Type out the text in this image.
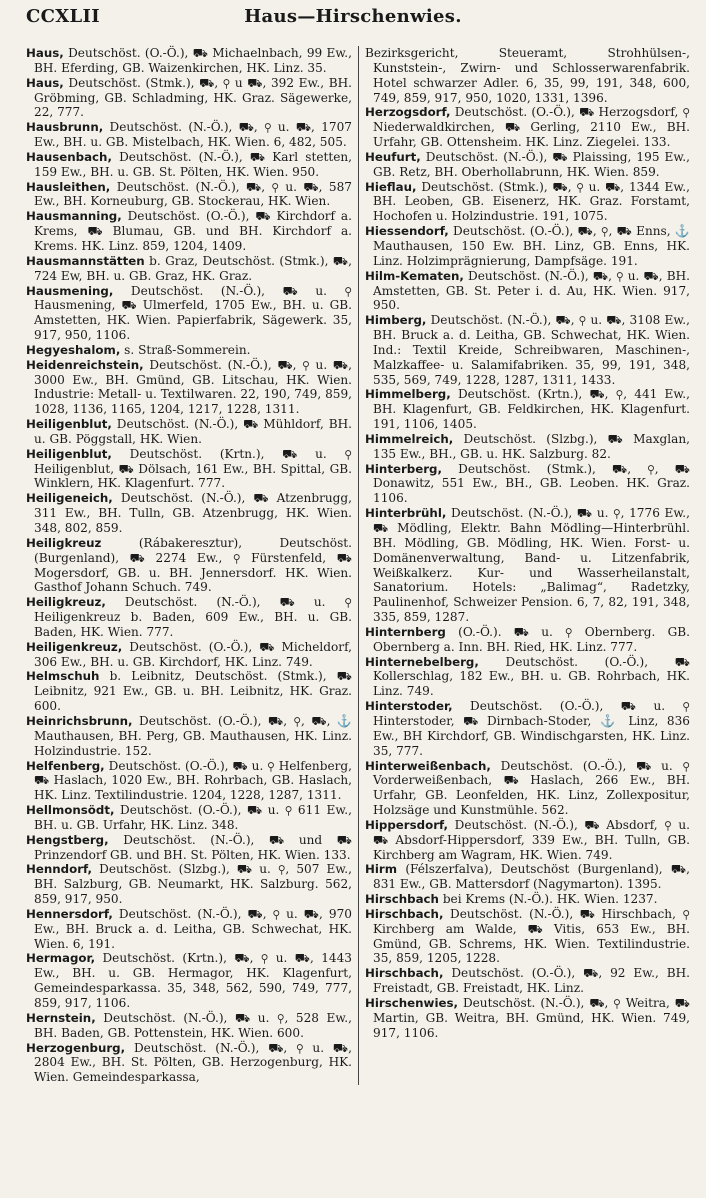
CCXLII	Haus—Hirschenwies.

Haus, Deutschöst. (O.-Ö.), ⛟ Michaelnbach, 99 Ew., BH. Eferding, GB. Waizenkirchen, HK. Linz. 35.

Haus, Deutschöst. (Stmk.), ⛟, ⚲ u ⛟, 392 Ew., BH. Gröbming, GB. Schladming, HK. Graz. Sägewerke, 22, 777.

Hausbrunn, Deutschöst. (N.-Ö.), ⛟, ⚲ u. ⛟, 1707 Ew., BH. u. GB. Mistelbach, HK. Wien. 6, 482, 505.

Hausenbach, Deutschöst. (N.-Ö.), ⛟ Karl stetten, 159 Ew., BH. u. GB. St. Pölten, HK. Wien. 950.

Hausleithen, Deutschöst. (N.-Ö.), ⛟, ⚲ u. ⛟, 587 Ew., BH. Korneuburg, GB. Stockerau, HK. Wien.

Hausmanning, Deutschöst. (O.-Ö.), ⛟ Kirchdorf a. Krems, ⛟ Blumau, GB. und BH. Kirchdorf a. Krems. HK. Linz. 859, 1204, 1409.

Hausmannstätten b. Graz, Deutschöst. (Stmk.), ⛟, 724 Ew, BH. u. GB. Graz, HK. Graz.

Hausmening, Deutschöst. (N.-Ö.), ⛟ u. ⚲ Hausmening, ⛟ Ulmerfeld, 1705 Ew., BH. u. GB. Amstetten, HK. Wien. Papierfabrik, Sägewerk. 35, 917, 950, 1106.

Hegyeshalom, s. Straß-Sommerein.

Heidenreichstein, Deutschöst. (N.-Ö.), ⛟, ⚲ u. ⛟, 3000 Ew., BH. Gmünd, GB. Litschau, HK. Wien. Industrie: Metall- u. Textilwaren. 22, 190, 749, 859, 1028, 1136, 1165, 1204, 1217, 1228, 1311.

Heiligenblut, Deutschöst. (N.-Ö.), ⛟ Mühldorf, BH. u. GB. Pöggstall, HK. Wien.

Heiligenblut, Deutschöst. (Krtn.), ⛟ u. ⚲ Heiligenblut, ⛟ Dölsach, 161 Ew., BH. Spittal, GB. Winklern, HK. Klagenfurt. 777.

Heiligeneich, Deutschöst. (N.-Ö.), ⛟ Atzenbrugg, 311 Ew., BH. Tulln, GB. Atzenbrugg, HK. Wien. 348, 802, 859.

Heiligkreuz	(Rábakeresztur), Deutschöst. (Burgenland), ⛟ 2274 Ew., ⚲ Fürstenfeld, ⛟ Mogersdorf, GB. u. BH. Jennersdorf. HK. Wien. Gasthof Johann Schuch. 749.

Heiligkreuz, Deutschöst. (N.-Ö.), ⛟ u. ⚲ Heiligenkreuz b. Baden, 609 Ew., BH. u. GB. Baden, HK. Wien. 777.

Heiligenkreuz, Deutschöst. (O.-Ö.), ⛟ Micheldorf, 306 Ew., BH. u. GB. Kirchdorf, HK. Linz. 749.

Helmschuh b. Leibnitz, Deutschöst. (Stmk.), ⛟ Leibnitz, 921 Ew., GB. u. BH. Leibnitz, HK. Graz. 600.

Heinrichsbrunn, Deutschöst. (O.-Ö.), ⛟, ⚲, ⛟, ⚓ Mauthausen, BH. Perg, GB. Mauthausen, HK. Linz. Holzindustrie. 152.

Helfenberg, Deutschöst. (O.-Ö.), ⛟ u. ⚲ Helfenberg, ⛟ Haslach, 1020 Ew., BH. Rohrbach, GB. Haslach, HK. Linz. Textilindustrie. 1204, 1228, 1287, 1311.

Hellmonsödt, Deutschöst. (O.-Ö.), ⛟ u. ⚲ 611 Ew., BH. u. GB. Urfahr, HK. Linz. 348.

Hengstberg, Deutschöst. (N.-Ö.), ⛟ und ⛟ Prinzendorf GB. und BH. St. Pölten, HK. Wien. 133.

Henndorf, Deutschöst. (Slzbg.), ⛟ u. ⚲, 507 Ew., BH. Salzburg, GB. Neumarkt, HK. Salzburg. 562, 859, 917, 950.

Hennersdorf, Deutschöst. (N.-Ö.), ⛟, ⚲ u. ⛟, 970 Ew., BH. Bruck a. d. Leitha, GB. Schwechat, HK. Wien. 6, 191.

Hermagor, Deutschöst. (Krtn.), ⛟, ⚲ u. ⛟, 1443 Ew., BH. u. GB. Hermagor, HK. Klagenfurt, Gemeindesparkassa. 35, 348, 562, 590, 749, 777, 859, 917, 1106.

Hernstein, Deutschöst. (N.-Ö.), ⛟ u. ⚲, 528 Ew., BH. Baden, GB. Pottenstein, HK. Wien. 600.

Herzogenburg, Deutschöst. (N.-Ö.), ⛟, ⚲ u. ⛟, 2804 Ew., BH. St. Pölten, GB. Herzogenburg, HK. Wien. Gemeindesparkassa,

Bezirksgericht, Steueramt, Strohhülsen-, Kunststein-, Zwirn- und Schlosserwarenfabrik. Hotel schwarzer Adler. 6, 35, 99, 191, 348, 600, 749, 859, 917, 950, 1020, 1331, 1396.

Herzogsdorf, Deutschöst. (O.-Ö.), ⛟ Herzogsdorf, ⚲ Niederwaldkirchen, ⛟ Gerling, 2110 Ew., BH. Urfahr, GB. Ottensheim. HK. Linz. Ziegelei. 133.

Heufurt, Deutschöst. (N.-Ö.), ⛟ Plaissing, 195 Ew., GB. Retz, BH. Oberhollabrunn, HK. Wien. 859.

Hieflau, Deutschöst. (Stmk.), ⛟, ⚲ u. ⛟, 1344 Ew., BH. Leoben, GB. Eisenerz, HK. Graz. Forstamt, Hochofen u. Holzindustrie. 191, 1075.

Hiessendorf, Deutschöst. (O.-Ö.), ⛟, ⚲, ⛟ Enns, ⚓ Mauthausen, 150 Ew. BH. Linz, GB. Enns, HK. Linz. Holzimprägnierung, Dampfsäge. 191.

Hilm-Kematen, Deutschöst. (N.-Ö.), ⛟, ⚲ u. ⛟, BH. Amstetten, GB. St. Peter i. d. Au, HK. Wien. 917, 950.

Himberg, Deutschöst. (N.-Ö.), ⛟, ⚲ u. ⛟, 3108 Ew., BH. Bruck a. d. Leitha, GB. Schwechat, HK. Wien. Ind.: Textil Kreide, Schreibwaren, Maschinen-, Malzkaffee- u. Salamifabriken. 35, 99, 191, 348, 535, 569, 749, 1228, 1287, 1311, 1433.

Himmelberg, Deutschöst. (Krtn.), ⛟, ⚲, 441 Ew., BH. Klagenfurt, GB. Feldkirchen, HK. Klagenfurt. 191, 1106, 1405.

Himmelreich, Deutschöst. (Slzbg.), ⛟ Maxglan, 135 Ew., BH., GB. u. HK. Salzburg. 82.

Hinterberg, Deutschöst. (Stmk.), ⛟, ⚲, ⛟ Donawitz, 551 Ew., BH., GB. Leoben. HK. Graz. 1106.

Hinterbrühl, Deutschöst. (N.-Ö.), ⛟ u. ⚲, 1776 Ew., ⛟ Mödling, Elektr. Bahn Mödling—Hinterbrühl. BH. Mödling, GB. Mödling, HK. Wien. Forst- u. Domänenverwaltung, Band- u. Litzenfabrik, Weißkalkerz. Kur- und Wasserheilanstalt, Sanatorium. Hotels: „Balimag“, Radetzky, Paulinenhof, Schweizer Pension. 6, 7, 82, 191, 348, 335, 859, 1287.

Hinternberg (O.-Ö.). ⛟ u. ⚲ Obernberg. GB. Obernberg a. Inn. BH. Ried, HK. Linz. 777.

Hinternebelberg, Deutschöst. (O.-Ö.), ⛟ Kollerschlag, 182 Ew., BH. u. GB. Rohrbach, HK. Linz. 749.

Hinterstoder, Deutschöst. (O.-Ö.), ⛟ u. ⚲ Hinterstoder, ⛟ Dirnbach-Stoder, ⚓ Linz, 836 Ew., BH Kirchdorf, GB. Windischgarsten, HK. Linz. 35, 777.

Hinterweißenbach, Deutschöst. (O.-Ö.), ⛟ u. ⚲ Vorderweißenbach, ⛟ Haslach, 266 Ew., BH. Urfahr, GB. Leonfelden, HK. Linz, Zollexpositur, Holzsäge und Kunstmühle. 562.

Hippersdorf, Deutschöst. (N.-Ö.), ⛟ Absdorf, ⚲ u. ⛟ Absdorf-Hippersdorf, 339 Ew., BH. Tulln, GB. Kirchberg am Wagram, HK. Wien. 749.

Hirm (Félszerfalva), Deutschöst (Burgenland), ⛟, 831 Ew., GB. Mattersdorf (Nagymarton). 1395.

Hirschbach bei Krems (N.-Ö.). HK. Wien. 1237.

Hirschbach, Deutschöst. (N.-Ö.), ⛟ Hirschbach, ⚲ Kirchberg am Walde, ⛟ Vitis, 653 Ew., BH. Gmünd, GB. Schrems, HK. Wien. Textilindustrie. 35, 859, 1205, 1228.

Hirschbach, Deutschöst. (O.-Ö.), ⛟, 92 Ew., BH. Freistadt, GB. Freistadt, HK. Linz.

Hirschenwies, Deutschöst. (N.-Ö.), ⛟, ⚲ Weitra, ⛟ Martin, GB. Weitra, BH. Gmünd, HK. Wien. 749, 917, 1106.
